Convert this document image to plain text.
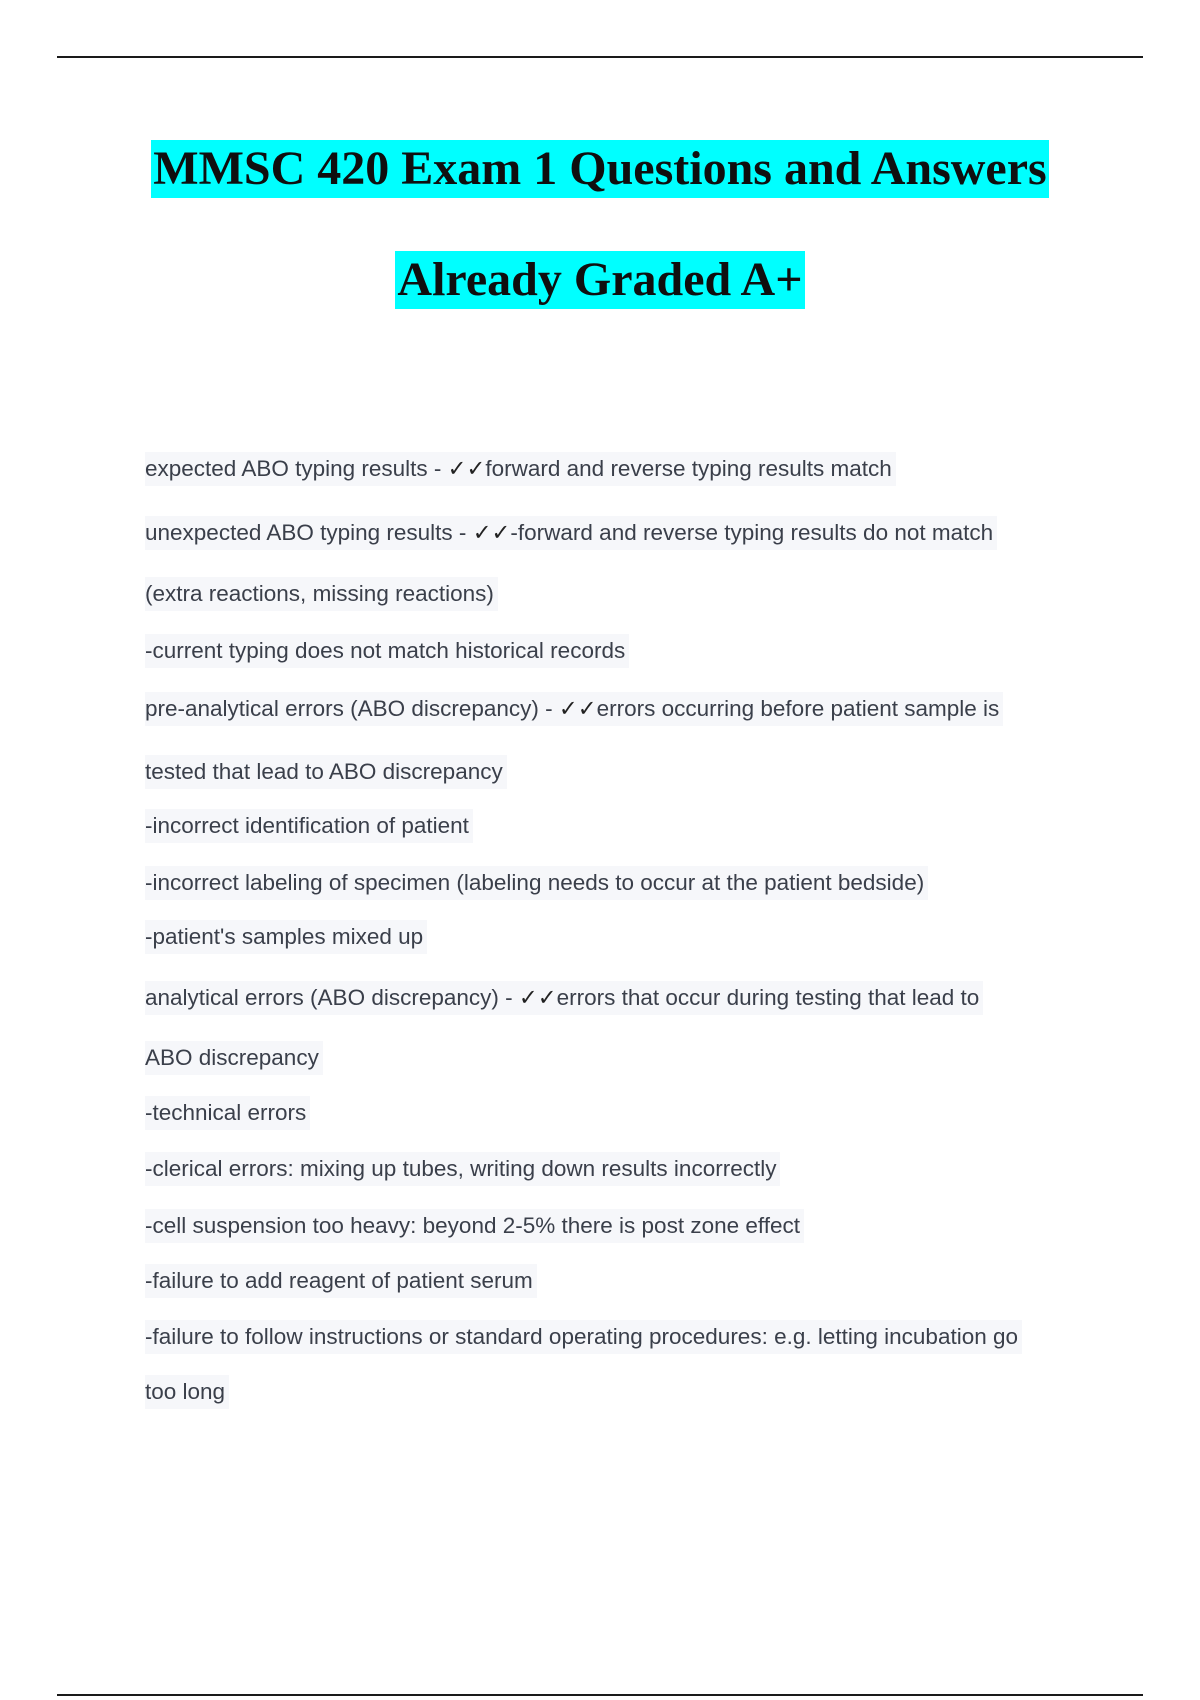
MMSC 420 Exam 1 Questions and Answers
Already Graded A+
expected ABO typing results - ✓✓forward and reverse typing results match
unexpected ABO typing results - ✓✓-forward and reverse typing results do not match
(extra reactions, missing reactions)
-current typing does not match historical records
pre-analytical errors (ABO discrepancy) - ✓✓errors occurring before patient sample is
tested that lead to ABO discrepancy
-incorrect identification of patient
-incorrect labeling of specimen (labeling needs to occur at the patient bedside)
-patient's samples mixed up
analytical errors (ABO discrepancy) - ✓✓errors that occur during testing that lead to
ABO discrepancy
-technical errors
-clerical errors: mixing up tubes, writing down results incorrectly
-cell suspension too heavy: beyond 2-5% there is post zone effect
-failure to add reagent of patient serum
-failure to follow instructions or standard operating procedures: e.g. letting incubation go
too long
